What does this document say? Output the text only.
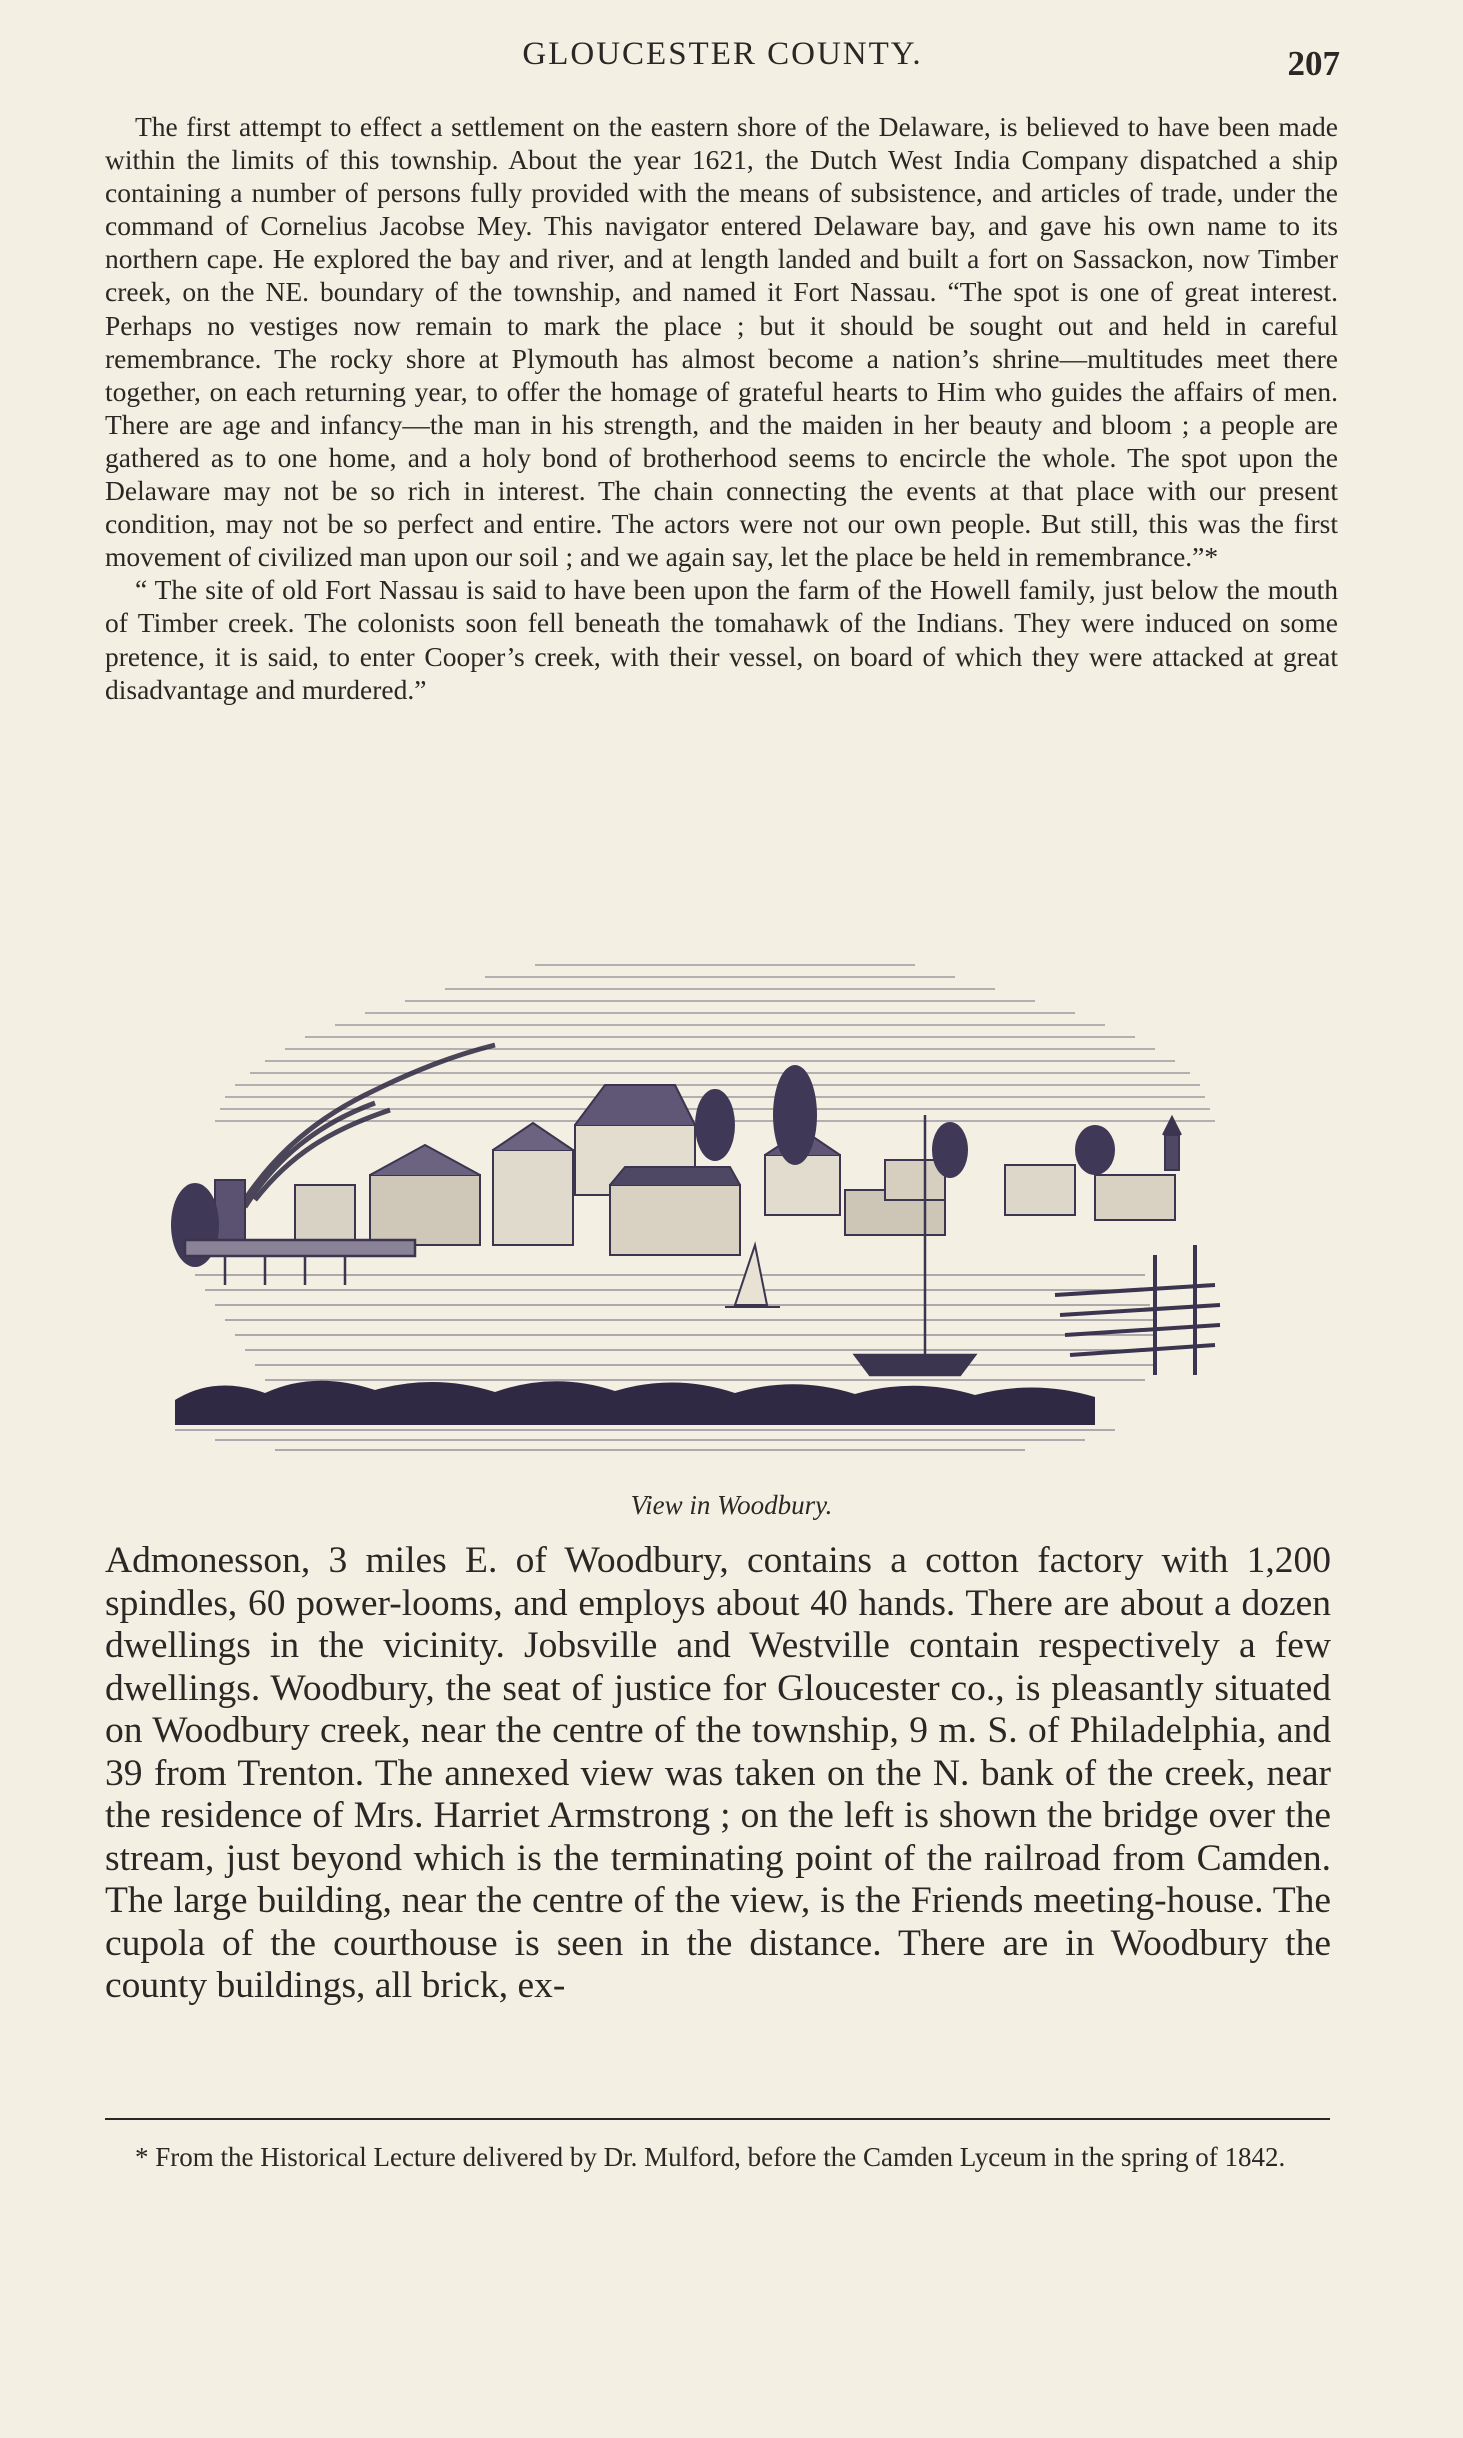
GLOUCESTER COUNTY.	207

The first attempt to effect a settlement on the eastern shore of the Delaware, is believed to have been made within the limits of this township. About the year 1621, the Dutch West India Company dispatched a ship containing a number of persons fully provided with the means of subsistence, and articles of trade, under the command of Cornelius Jacobse Mey. This navigator entered Delaware bay, and gave his own name to its northern cape. He explored the bay and river, and at length landed and built a fort on Sassackon, now Timber creek, on the NE. boundary of the township, and named it Fort Nassau. “The spot is one of great interest. Perhaps no vestiges now remain to mark the place ; but it should be sought out and held in careful remembrance. The rocky shore at Plymouth has almost become a nation’s shrine—multitudes meet there together, on each returning year, to offer the homage of grateful hearts to Him who guides the affairs of men. There are age and infancy—the man in his strength, and the maiden in her beauty and bloom ; a people are gathered as to one home, and a holy bond of brotherhood seems to encircle the whole. The spot upon the Delaware may not be so rich in interest. The chain connecting the events at that place with our present condition, may not be so perfect and entire. The actors were not our own people. But still, this was the first movement of civilized man upon our soil ; and we again say, let the place be held in remembrance.”*

“ The site of old Fort Nassau is said to have been upon the farm of the Howell family, just below the mouth of Timber creek. The colonists soon fell beneath the tomahawk of the Indians. They were induced on some pretence, it is said, to enter Cooper’s creek, with their vessel, on board of which they were attacked at great disadvantage and murdered.”

View in Woodbury.

Admonesson, 3 miles E. of Woodbury, contains a cotton factory with 1,200 spindles, 60 power-looms, and employs about 40 hands. There are about a dozen dwellings in the vicinity. Jobsville and Westville contain respectively a few dwellings. Woodbury, the seat of justice for Gloucester co., is pleasantly situated on Woodbury creek, near the centre of the township, 9 m. S. of Philadelphia, and 39 from Trenton. The annexed view was taken on the N. bank of the creek, near the residence of Mrs. Harriet Armstrong ; on the left is shown the bridge over the stream, just beyond which is the terminating point of the railroad from Camden. The large building, near the centre of the view, is the Friends meeting-house. The cupola of the courthouse is seen in the distance. There are in Woodbury the county buildings, all brick, ex-

* From the Historical Lecture delivered by Dr. Mulford, before the Camden Lyceum in the spring of 1842.
